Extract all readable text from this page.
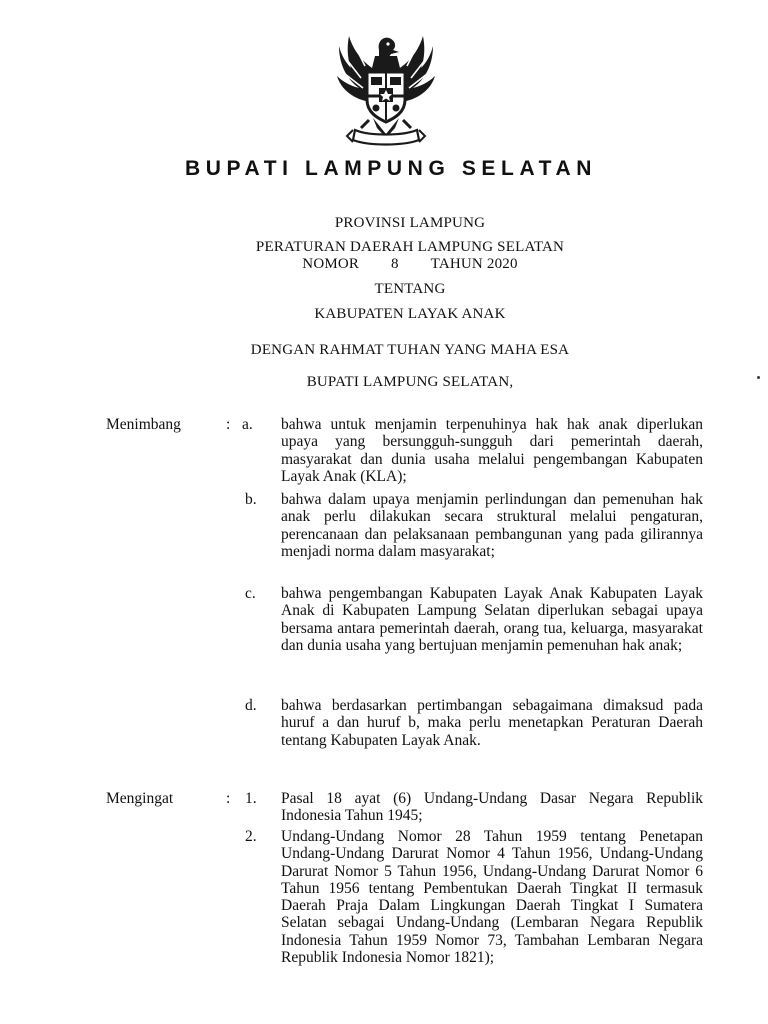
BUPATI LAMPUNG SELATAN
PROVINSI LAMPUNG
PERATURAN DAERAH LAMPUNG SELATAN
NOMOR 8 TAHUN 2020
TENTANG
KABUPATEN LAYAK ANAK
DENGAN RAHMAT TUHAN YANG MAHA ESA
BUPATI LAMPUNG SELATAN,
Menimbang	: a. bahwa untuk menjamin terpenuhinya hak hak anak diperlukan upaya yang bersungguh-sungguh dari pemerintah daerah, masyarakat dan dunia usaha melalui pengembangan Kabupaten Layak Anak (KLA);
b. bahwa dalam upaya menjamin perlindungan dan pemenuhan hak anak perlu dilakukan secara struktural melalui pengaturan, perencanaan dan pelaksanaan pembangunan yang pada gilirannya menjadi norma dalam masyarakat;
c. bahwa pengembangan Kabupaten Layak Anak Kabupaten Layak Anak di Kabupaten Lampung Selatan diperlukan sebagai upaya bersama antara pemerintah daerah, orang tua, keluarga, masyarakat dan dunia usaha yang bertujuan menjamin pemenuhan hak anak;
d. bahwa berdasarkan pertimbangan sebagaimana dimaksud pada huruf a dan huruf b, maka perlu menetapkan Peraturan Daerah tentang Kabupaten Layak Anak.
Mengingat	: 1. Pasal 18 ayat (6) Undang-Undang Dasar Negara Republik Indonesia Tahun 1945;
2. Undang-Undang Nomor 28 Tahun 1959 tentang Penetapan Undang-Undang Darurat Nomor 4 Tahun 1956, Undang-Undang Darurat Nomor 5 Tahun 1956, Undang-Undang Darurat Nomor 6 Tahun 1956 tentang Pembentukan Daerah Tingkat II termasuk Daerah Praja Dalam Lingkungan Daerah Tingkat I Sumatera Selatan sebagai Undang-Undang (Lembaran Negara Republik Indonesia Tahun 1959 Nomor 73, Tambahan Lembaran Negara Republik Indonesia Nomor 1821);
